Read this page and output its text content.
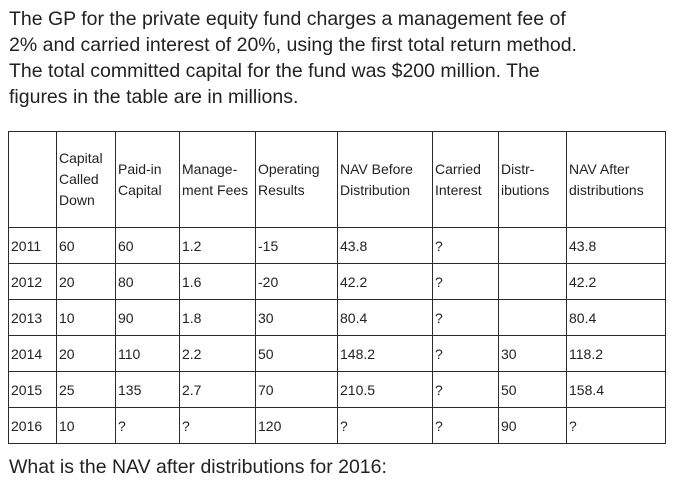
The GP for the private equity fund charges a management fee of
2% and carried interest of 20%, using the first total return method.
The total committed capital for the fund was $200 million. The
figures in the table are in millions.
	Capital Called Down	Paid-in Capital	Manage-ment Fees	Operating Results	NAV Before Distribution	Carried Interest	Distr-ibutions	NAV After distributions
2011	60	60	1.2	-15	43.8	?		43.8
2012	20	80	1.6	-20	42.2	?		42.2
2013	10	90	1.8	30	80.4	?		80.4
2014	20	110	2.2	50	148.2	?	30	118.2
2015	25	135	2.7	70	210.5	?	50	158.4
2016	10	?	?	120	?	?	90	?
What is the NAV after distributions for 2016:
